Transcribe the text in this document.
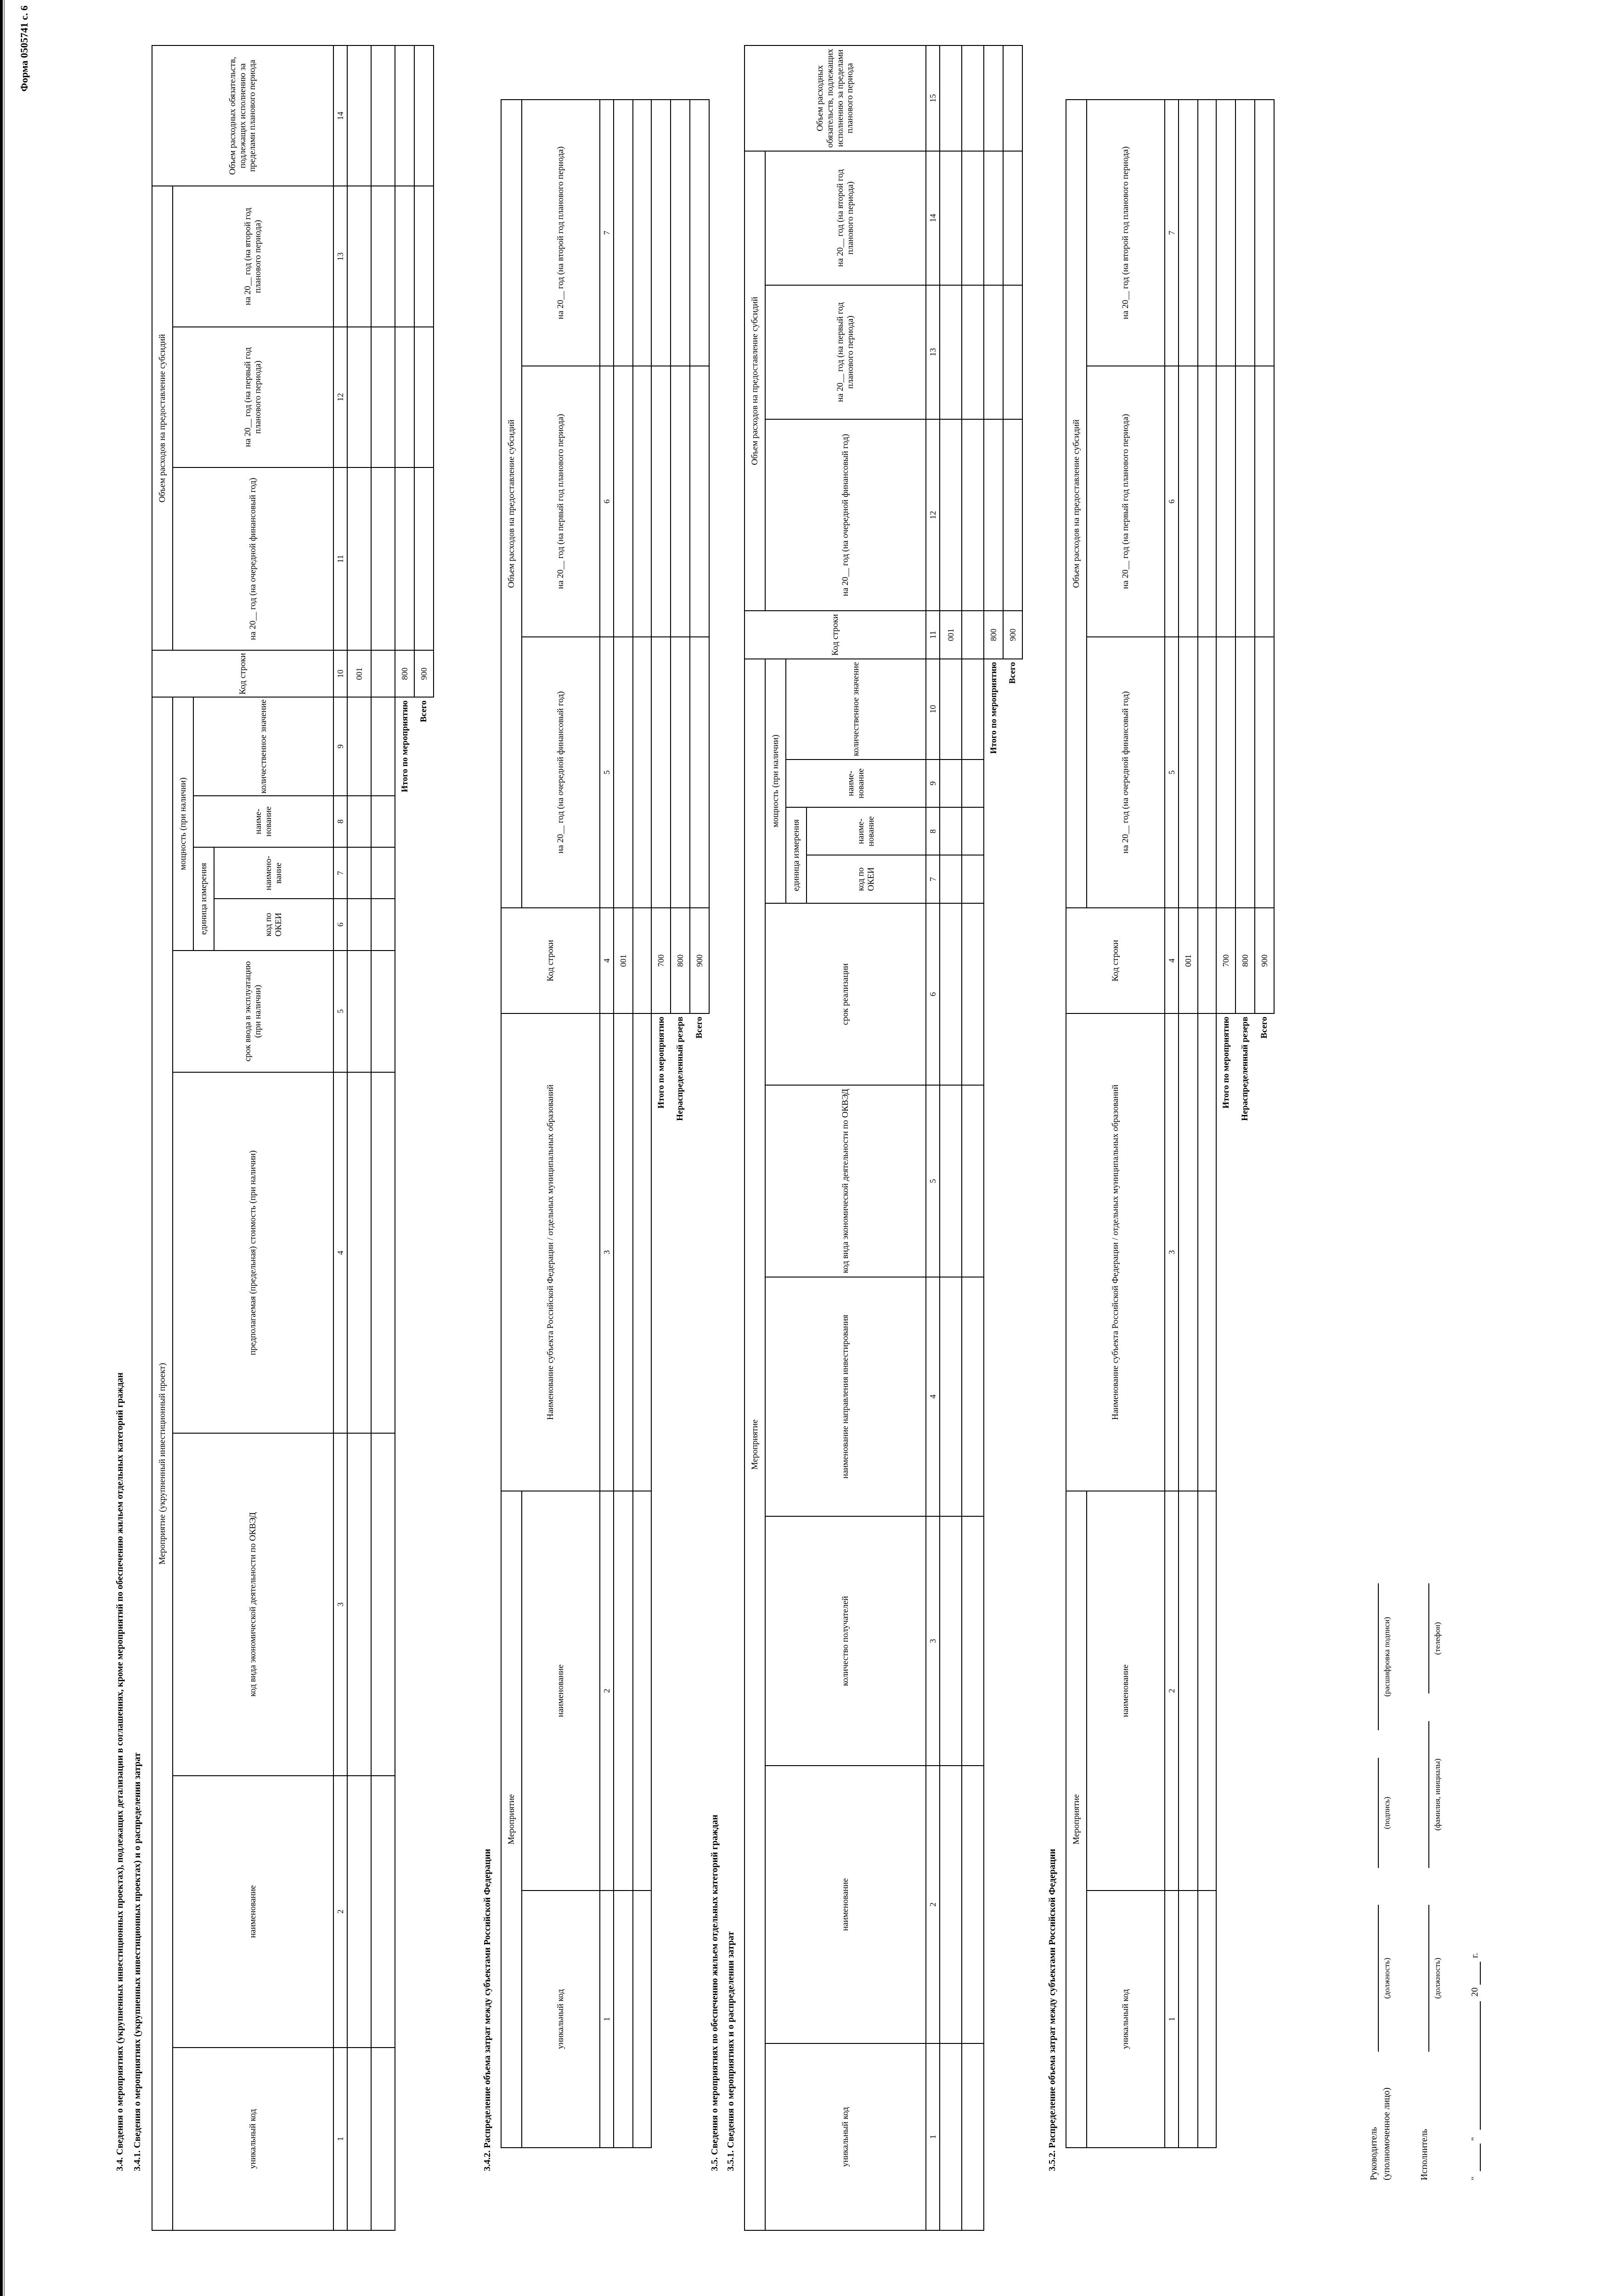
Форма 0505741 с. 6
3.4. Сведения о мероприятиях (укрупненных инвестиционных проектах), подлежащих детализации в соглашениях, кроме мероприятий по обеспечению жильем отдельных категорий граждан 3.4.1. Сведения о мероприятиях (укрупненных инвестиционных проектах) и о распределении затрат
Мероприятие (укрупненный инвестиционный проект)									Код строки	Объем расходов на предоставление субсидий			Объем расходных обязательств, подлежащих исполнению за пределами планового периода
уникальный код	наименование	код вида экономической деятельности по ОКВЭД	предполагаемая (предельная) стоимость (при наличии)	срок ввода в эксплуатацию (при наличии)	мощность (при наличии)					на 20__ год (на очередной финансовый год)	на 20__ год (на первый год планового периода)	на 20__ год (на второй год планового периода)	
					единица измерения		наиме-нование	количественное значение					
					код по ОКЕИ	наимено-вание							
1	2	3	4	5	6	7	8	9	10	11	12	13	14
									001				

Итого по мероприятию									800				
Всего									900				
3.4.2. Распределение объема затрат между субъектами Российской Федерации
Мероприятие		Наименование субъекта Российской Федерации / отдельных муниципальных образований	Код строки	Объем расходов на предоставление субсидий		
уникальный код	наименование			на 20__ год (на очередной финансовый год)	на 20__ год (на первый год планового периода)	на 20__ год (на второй год планового периода)
1	2	3	4	5	6	7
			001			

Итого по мероприятию			700			
Нераспределенный резерв			800			
Всего			900			
3.5. Сведения о мероприятиях по обеспечению жильем отдельных категорий граждан 3.5.1. Сведения о мероприятиях и о распределении затрат
Мероприятие										Код строки	Объем расходов на предоставление субсидий			Объем расходных обязательств, подлежащих исполнению за пределами планового периода
уникальный код	наименование	количество получателей	наименование направления инвестирования	код вида экономической деятельности по ОКВЭД	срок реализации	мощность (при наличии)					на 20__ год (на очередной финансовый год)	на 20__ год (на первый год планового периода)	на 20__ год (на второй год планового периода)	
						единица измерения		наиме-нование	количественное значение					
						код по ОКЕИ	наиме-нование							
1	2	3	4	5	6	7	8	9	10	11	12	13	14	15
										001				

Итого по мероприятию										800				
Всего										900				
3.5.2. Распределение объема затрат между субъектами Российской Федерации
Мероприятие		Наименование субъекта Российской Федерации / отдельных муниципальных образований	Код строки	Объем расходов на предоставление субсидий		
уникальный код	наименование			на 20__ год (на очередной финансовый год)	на 20__ год (на первый год планового периода)	на 20__ год (на второй год планового периода)
1	2	3	4	5	6	7
			001			

Итого по мероприятию			700			
Нераспределенный резерв			800			
Всего			900			
Руководитель (уполномоченное лицо)
(должность)
(подпись)
(расшифровка подписи)
Исполнитель
(должность)
(фамилия, инициалы)
(телефон)
"
"
20
г.
